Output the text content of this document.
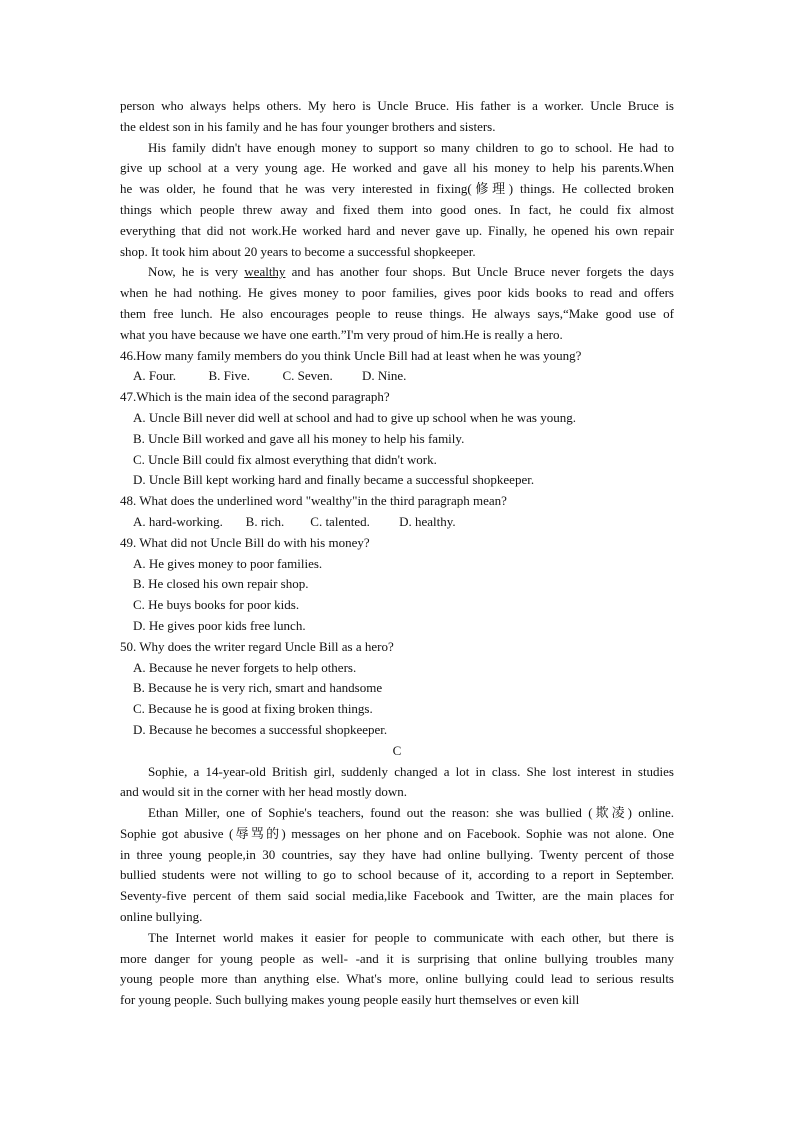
person who always helps others. My hero is Uncle Bruce. His father is a worker. Uncle Bruce is
the eldest son in his family and he has four younger brothers and sisters.
His family didn't have enough money to support so many children to go to school. He had to
give up school at a very young age. He worked and gave all his money to help his parents.When
he was older, he found that he was very interested in fixing(修理) things. He collected broken
things which people threw away and fixed them into good ones. In fact, he could fix almost
everything that did not work.He worked hard and never gave up. Finally, he opened his own repair
shop. It took him about 20 years to become a successful shopkeeper.
Now, he is very wealthy and has another four shops. But Uncle Bruce never forgets the days
when he had nothing. He gives money to poor families, gives poor kids books to read and offers
them free lunch. He also encourages people to reuse things. He always says,“Make good use of
what you have because we have one earth.”I'm very proud of him.He is really a hero.
46.How many family members do you think Uncle Bill had at least when he was young?
A. Four.          B. Five.          C. Seven.         D. Nine.
47.Which is the main idea of the second paragraph?
A. Uncle Bill never did well at school and had to give up school when he was young.
B. Uncle Bill worked and gave all his money to help his family.
C. Uncle Bill could fix almost everything that didn't work.
D. Uncle Bill kept working hard and finally became a successful shopkeeper.
48. What does the underlined word "wealthy"in the third paragraph mean?
A. hard-working.       B. rich.        C. talented.         D. healthy.
49. What did not Uncle Bill do with his money?
A. He gives money to poor families.
B. He closed his own repair shop.
C. He buys books for poor kids.
D. He gives poor kids free lunch.
50. Why does the writer regard Uncle Bill as a hero?
A. Because he never forgets to help others.
B. Because he is very rich, smart and handsome
C. Because he is good at fixing broken things.
D. Because he becomes a successful shopkeeper.
C
Sophie, a 14-year-old British girl, suddenly changed a lot in class. She lost interest in studies
and would sit in the corner with her head mostly down.
Ethan Miller, one of Sophie's teachers, found out the reason: she was bullied (欺凌) online.
Sophie got abusive (辱骂的) messages on her phone and on Facebook. Sophie was not alone. One
in three young people,in 30 countries, say they have had online bullying. Twenty percent of those
bullied students were not willing to go to school because of it, according to a report in September.
Seventy-five percent of them said social media,like Facebook and Twitter, are the main places for
online bullying.
The Internet world makes it easier for people to communicate with each other, but there is
more danger for young people as well- -and it is surprising that online bullying troubles many
young people more than anything else. What's more, online bullying could lead to serious results
for young people. Such bullying makes young people easily hurt themselves or even kill
